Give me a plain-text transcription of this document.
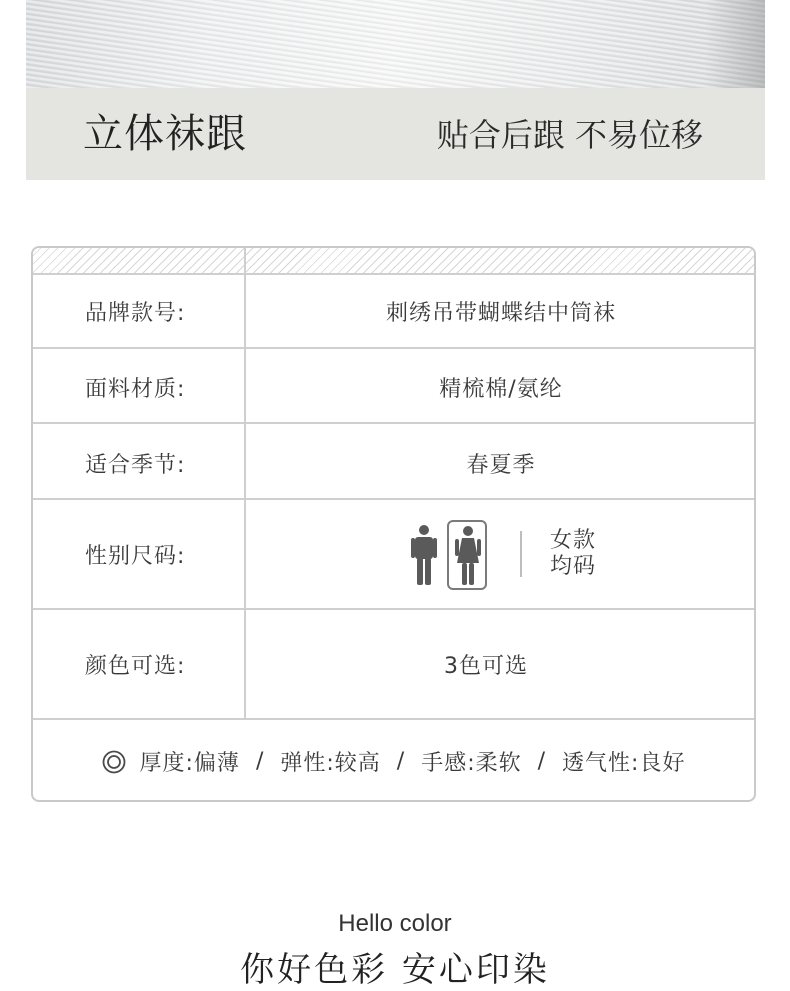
立体袜跟	贴合后跟 不易位移
品牌款号:	刺绣吊带蝴蝶结中筒袜
面料材质:	精梳棉/氨纶
适合季节:	春夏季
性别尺码:
女款
均码
颜色可选:	3色可选
厚度:偏薄 / 弹性:较高 / 手感:柔软 / 透气性:良好
Hello color
你好色彩 安心印染
